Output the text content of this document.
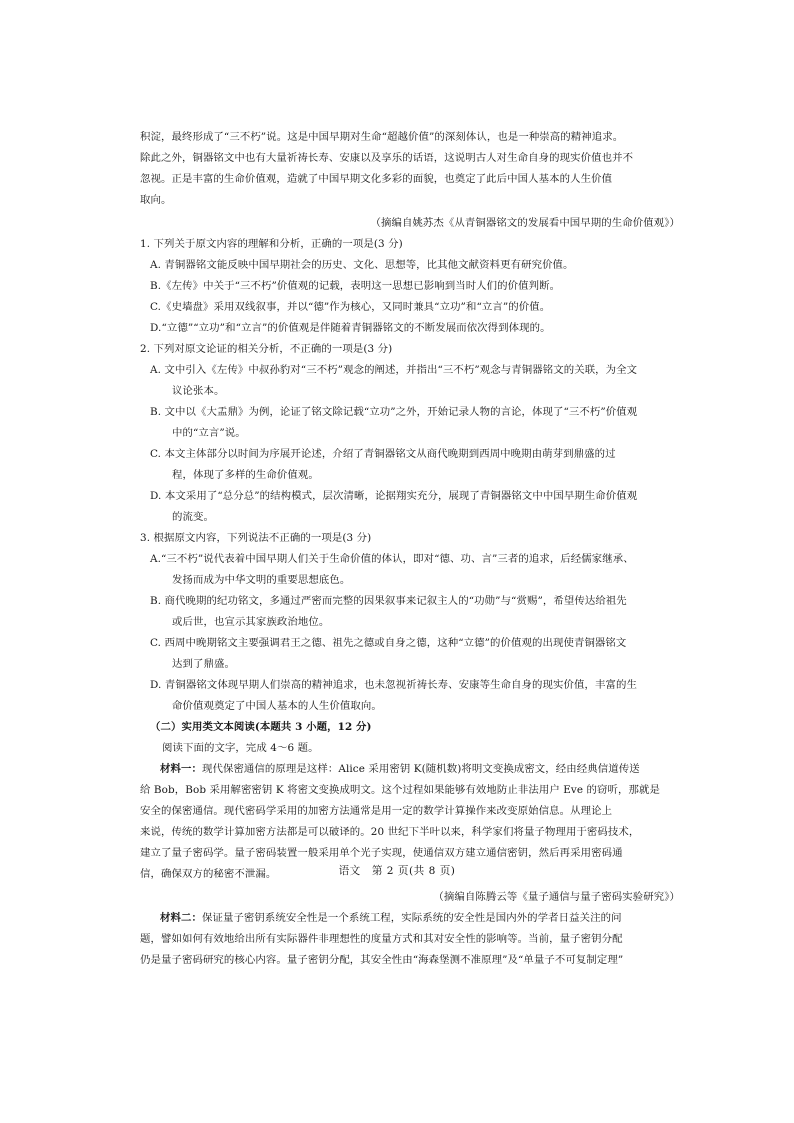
积淀，最终形成了“三不朽”说。这是中国早期对生命“超越价值”的深刻体认，也是一种崇高的精神追求。

除此之外，铜器铭文中也有大量祈祷长寿、安康以及享乐的话语，这说明古人对生命自身的现实价值也并不

忽视。正是丰富的生命价值观，造就了中国早期文化多彩的面貌，也奠定了此后中国人基本的人生价值

取向。

（摘编自姚苏杰《从青铜器铭文的发展看中国早期的生命价值观》）

1. 下列关于原文内容的理解和分析，正确的一项是(3 分)

A. 青铜器铭文能反映中国早期社会的历史、文化、思想等，比其他文献资料更有研究价值。

B.《左传》中关于“三不朽”价值观的记载，表明这一思想已影响到当时人们的价值判断。

C.《史墙盘》采用双线叙事，并以“德”作为核心，又同时兼具“立功”和“立言”的价值。

D.“立德”“立功”和“立言”的价值观是伴随着青铜器铭文的不断发展而依次得到体现的。

2. 下列对原文论证的相关分析，不正确的一项是(3 分)

A. 文中引入《左传》中叔孙豹对“三不朽”观念的阐述，并指出“三不朽”观念与青铜器铭文的关联，为全文
议论张本。

B. 文中以《大盂鼎》为例，论证了铭文除记载“立功”之外，开始记录人物的言论，体现了“三不朽”价值观
中的“立言”说。

C. 本文主体部分以时间为序展开论述，介绍了青铜器铭文从商代晚期到西周中晚期由萌芽到鼎盛的过
程，体现了多样的生命价值观。

D. 本文采用了“总分总”的结构模式，层次清晰，论据翔实充分，展现了青铜器铭文中中国早期生命价值观
的流变。

3. 根据原文内容，下列说法不正确的一项是(3 分)

A.“三不朽”说代表着中国早期人们关于生命价值的体认，即对“德、功、言”三者的追求，后经儒家继承、
发扬而成为中华文明的重要思想底色。

B. 商代晚期的纪功铭文，多通过严密而完整的因果叙事来记叙主人的“功勋”与“赏赐”，希望传达给祖先
或后世，也宣示其家族政治地位。

C. 西周中晚期铭文主要强调君王之德、祖先之德或自身之德，这种“立德”的价值观的出现使青铜器铭文
达到了鼎盛。

D. 青铜器铭文体现早期人们崇高的精神追求，也未忽视祈祷长寿、安康等生命自身的现实价值，丰富的生
命价值观奠定了中国人基本的人生价值取向。

（二）实用类文本阅读(本题共 3 小题，12 分)

阅读下面的文字，完成 4～6 题。

材料一：现代保密通信的原理是这样：Alice 采用密钥 K(随机数)将明文变换成密文，经由经典信道传送

给 Bob，Bob 采用解密密钥 K 将密文变换成明文。这个过程如果能够有效地防止非法用户 Eve 的窃听，那就是

安全的保密通信。现代密码学采用的加密方法通常是用一定的数学计算操作来改变原始信息。从理论上

来说，传统的数学计算加密方法都是可以破译的。20 世纪下半叶以来，科学家们将量子物理用于密码技术，

建立了量子密码学。量子密码装置一般采用单个光子实现，使通信双方建立通信密钥，然后再采用密码通

信，确保双方的秘密不泄漏。

（摘编自陈腾云等《量子通信与量子密码实验研究》）

材料二：保证量子密钥系统安全性是一个系统工程，实际系统的安全性是国内外的学者日益关注的问

题，譬如如何有效地给出所有实际器件非理想性的度量方式和其对安全性的影响等。当前，量子密钥分配

仍是量子密码研究的核心内容。量子密钥分配，其安全性由“海森堡测不准原理”及“单量子不可复制定理”

语文　第 2 页(共 8 页)
